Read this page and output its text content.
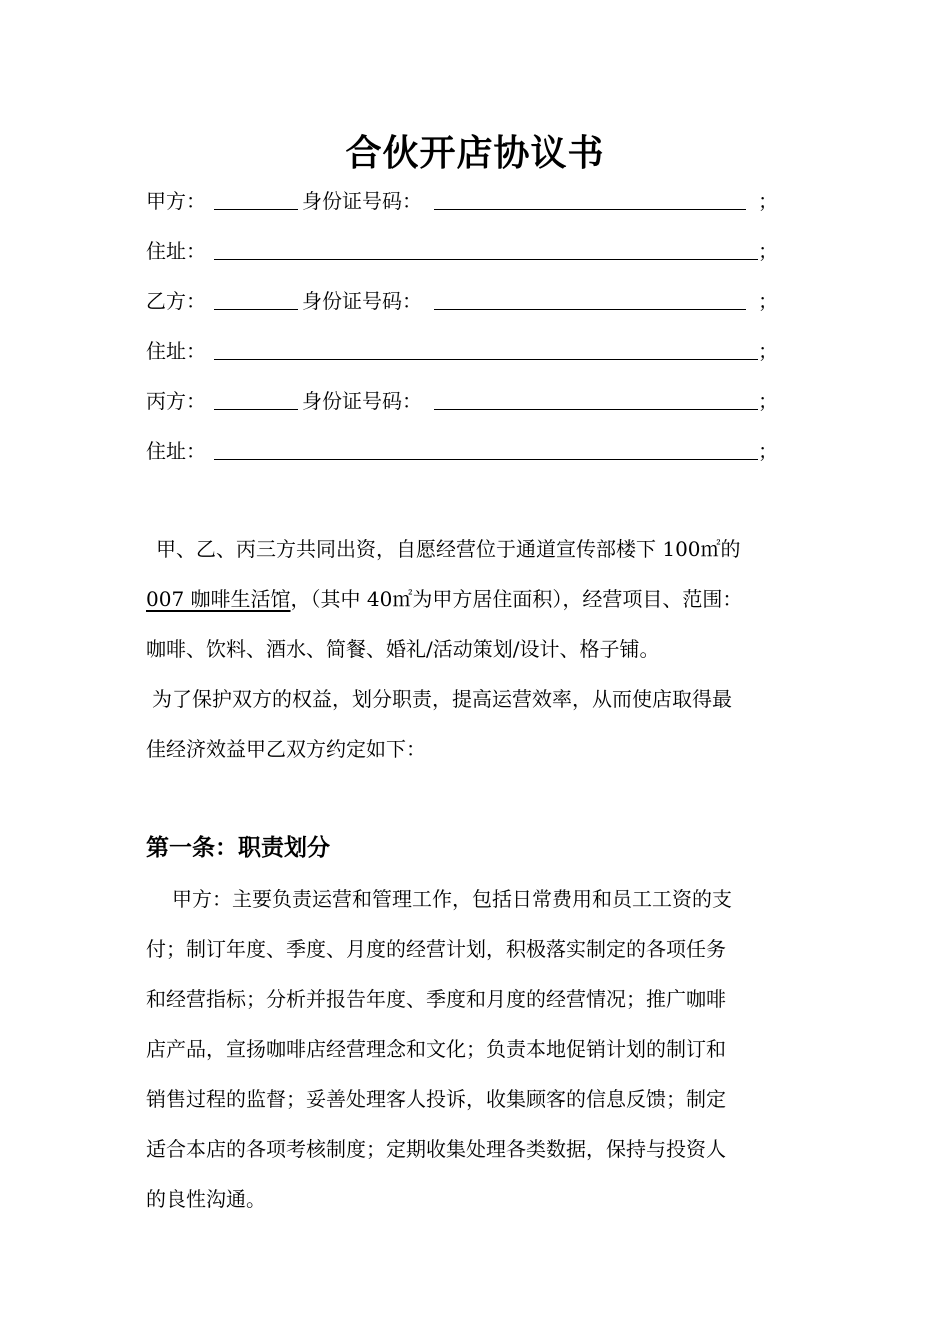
合伙开店协议书
甲方：	身份证号码：	；
住址：	；
乙方：	身份证号码：	；
住址：	；
丙方：	身份证号码：	；
住址：	；
甲、乙、丙三方共同出资，自愿经营位于通道宣传部楼下 100㎡的
007 咖啡生活馆，（其中 40㎡为甲方居住面积），经营项目、范围：
咖啡、饮料、酒水、简餐、婚礼/活动策划/设计、格子铺。
为了保护双方的权益，划分职责，提高运营效率，从而使店取得最
佳经济效益甲乙双方约定如下：
第一条：职责划分
甲方：主要负责运营和管理工作，包括日常费用和员工工资的支
付；制订年度、季度、月度的经营计划，积极落实制定的各项任务
和经营指标；分析并报告年度、季度和月度的经营情况；推广咖啡
店产品，宣扬咖啡店经营理念和文化；负责本地促销计划的制订和
销售过程的监督；妥善处理客人投诉，收集顾客的信息反馈；制定
适合本店的各项考核制度；定期收集处理各类数据，保持与投资人
的良性沟通。
